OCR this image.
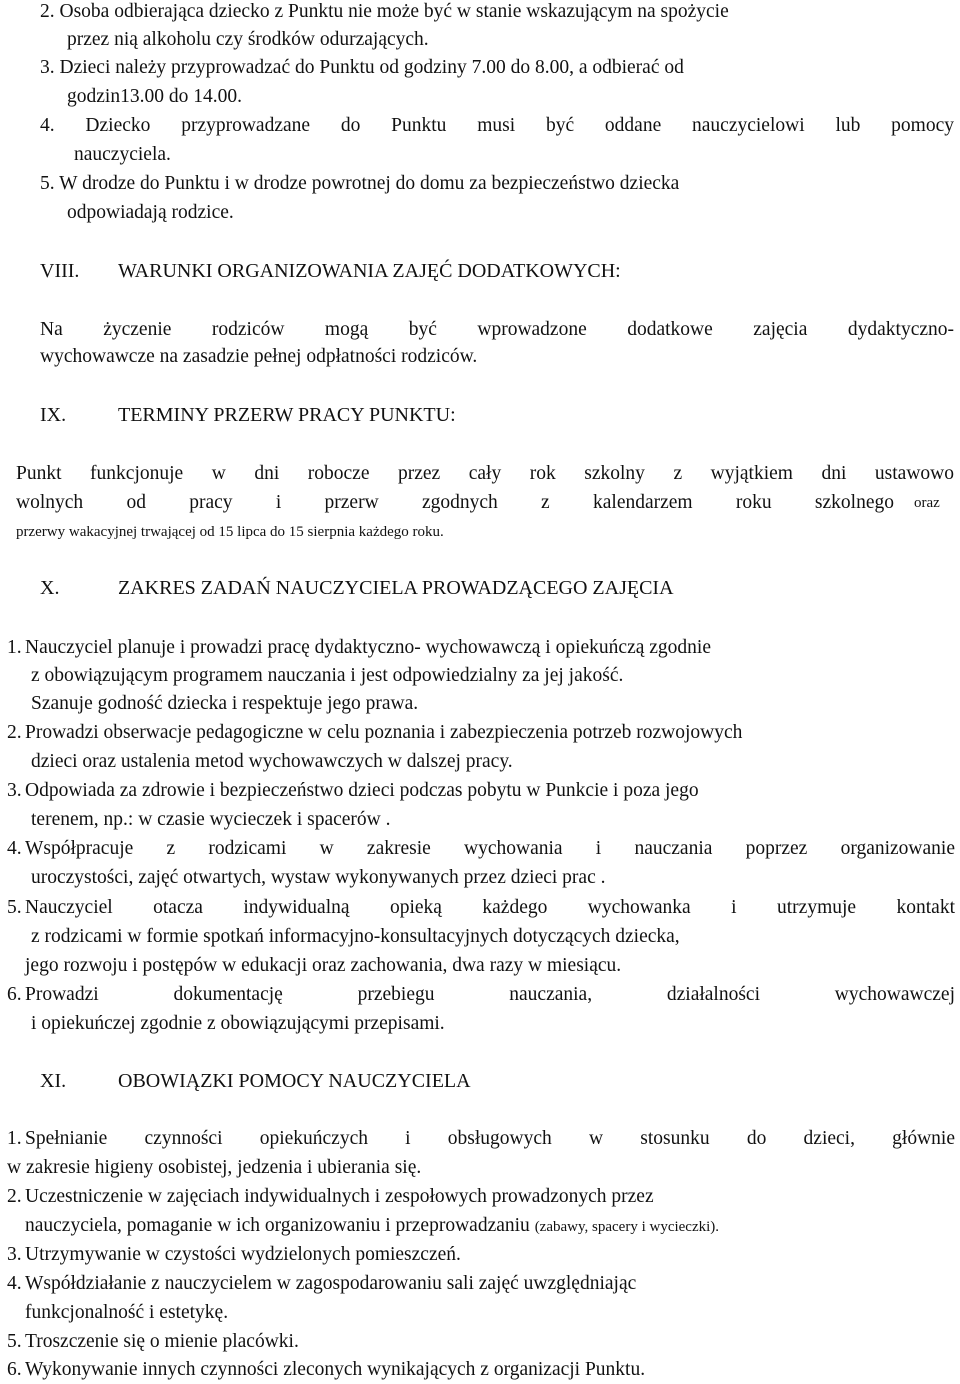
2. Osoba odbierająca dziecko z Punktu nie może być w stanie wskazującym na spożycie
przez nią alkoholu czy środków odurzających.
3. Dzieci należy przyprowadzać do Punktu od godziny 7.00 do 8.00, a odbierać od
godzin13.00 do 14.00.
4. Dziecko przyprowadzane do Punktu musi być oddane nauczycielowi lub pomocy
nauczyciela.
5. W drodze do Punktu i w drodze powrotnej do domu za bezpieczeństwo dziecka
odpowiadają rodzice.
VIII. WARUNKI ORGANIZOWANIA ZAJĘĆ DODATKOWYCH:
Na życzenie rodziców mogą być wprowadzone dodatkowe zajęcia dydaktyczno-
wychowawcze na zasadzie pełnej odpłatności rodziców.
IX.	TERMINY PRZERW PRACY PUNKTU:
Punkt funkcjonuje w dni robocze przez cały rok szkolny z wyjątkiem dni ustawowo
wolnych od pracy i przerw zgodnych z kalendarzem roku szkolnego oraz
przerwy wakacyjnej trwającej od 15 lipca do 15 sierpnia każdego roku.
X.	ZAKRES ZADAŃ NAUCZYCIELA PROWADZĄCEGO ZAJĘCIA
1. Nauczyciel planuje i prowadzi pracę dydaktyczno- wychowawczą i opiekuńczą zgodnie
z obowiązującym programem nauczania i jest odpowiedzialny za jej jakość.
Szanuje godność dziecka i respektuje jego prawa.
2. Prowadzi obserwacje pedagogiczne w celu poznania i zabezpieczenia potrzeb rozwojowych
dzieci oraz ustalenia metod wychowawczych w dalszej pracy.
3. Odpowiada za zdrowie i bezpieczeństwo dzieci podczas pobytu w Punkcie i poza jego
terenem, np.: w czasie wycieczek i spacerów .
4. Współpracuje z rodzicami w zakresie wychowania i nauczania poprzez organizowanie
uroczystości, zajęć otwartych, wystaw wykonywanych przez dzieci prac .
5. Nauczyciel otacza indywidualną opieką każdego wychowanka i utrzymuje kontakt
z rodzicami w formie spotkań informacyjno-konsultacyjnych dotyczących dziecka,
jego rozwoju i postępów w edukacji oraz zachowania, dwa razy w miesiącu.
6. Prowadzi dokumentację przebiegu nauczania, działalności wychowawczej
i opiekuńczej zgodnie z obowiązującymi przepisami.
XI.	OBOWIĄZKI POMOCY NAUCZYCIELA
1. Spełnianie czynności opiekuńczych i obsługowych w stosunku do dzieci, głównie
w zakresie higieny osobistej, jedzenia i ubierania się.
2. Uczestniczenie w zajęciach indywidualnych i zespołowych prowadzonych przez
nauczyciela, pomaganie w ich organizowaniu i przeprowadzaniu (zabawy, spacery i wycieczki).
3. Utrzymywanie w czystości wydzielonych pomieszczeń.
4. Współdziałanie z nauczycielem w zagospodarowaniu sali zajęć uwzględniając
funkcjonalność i estetykę.
5. Troszczenie się o mienie placówki.
6. Wykonywanie innych czynności zleconych wynikających z organizacji Punktu.
